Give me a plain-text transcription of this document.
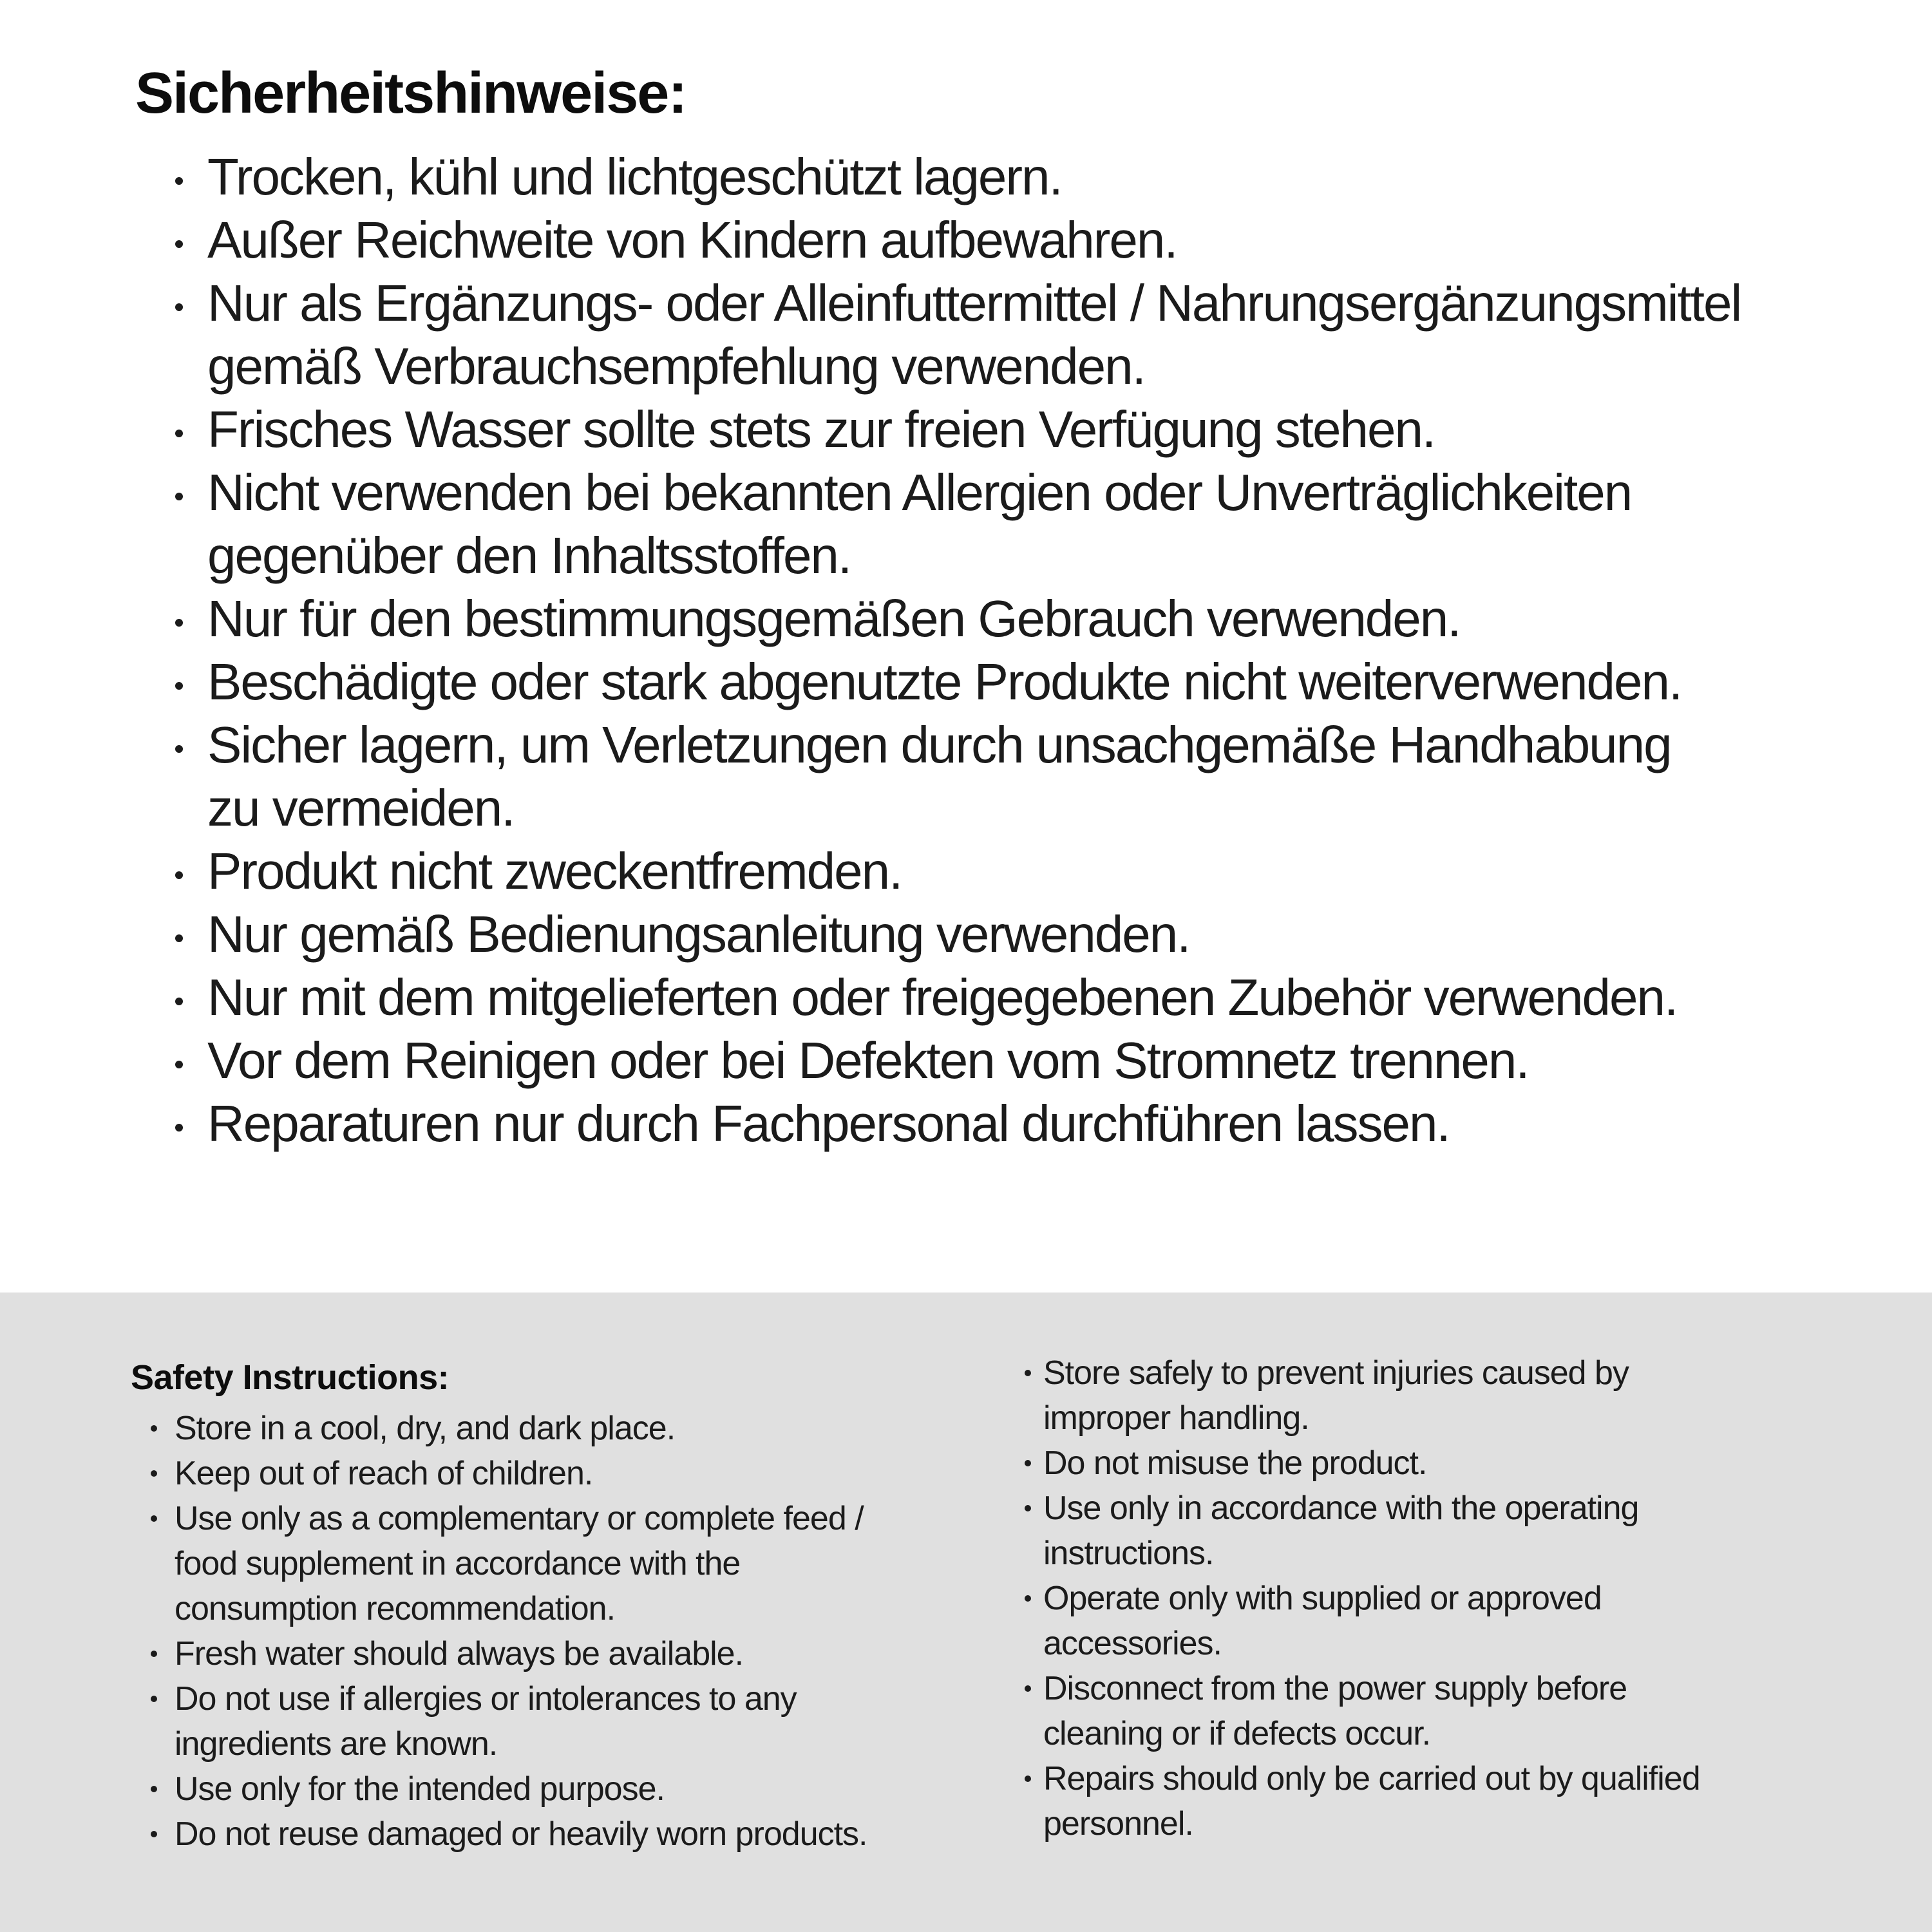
Sicherheitshinweise:
Trocken, kühl und lichtgeschützt lagern.
Außer Reichweite von Kindern aufbewahren.
Nur als Ergänzungs- oder Alleinfuttermittel / Nahrungsergänzungsmittel
gemäß Verbrauchsempfehlung verwenden.
Frisches Wasser sollte stets zur freien Verfügung stehen.
Nicht verwenden bei bekannten Allergien oder Unverträglichkeiten
gegenüber den Inhaltsstoffen.
Nur für den bestimmungsgemäßen Gebrauch verwenden.
Beschädigte oder stark abgenutzte Produkte nicht weiterverwenden.
Sicher lagern, um Verletzungen durch unsachgemäße Handhabung
zu vermeiden.
Produkt nicht zweckentfremden.
Nur gemäß Bedienungsanleitung verwenden.
Nur mit dem mitgelieferten oder freigegebenen Zubehör verwenden.
Vor dem Reinigen oder bei Defekten vom Stromnetz trennen.
Reparaturen nur durch Fachpersonal durchführen lassen.
Safety Instructions:
Store in a cool, dry, and dark place.
Keep out of reach of children.
Use only as a complementary or complete feed /
food supplement in accordance with the
consumption recommendation.
Fresh water should always be available.
Do not use if allergies or intolerances to any
ingredients are known.
Use only for the intended purpose.
Do not reuse damaged or heavily worn products.
Store safely to prevent injuries caused by
improper handling.
Do not misuse the product.
Use only in accordance with the operating
instructions.
Operate only with supplied or approved
accessories.
Disconnect from the power supply before
cleaning or if defects occur.
Repairs should only be carried out by qualified
personnel.
